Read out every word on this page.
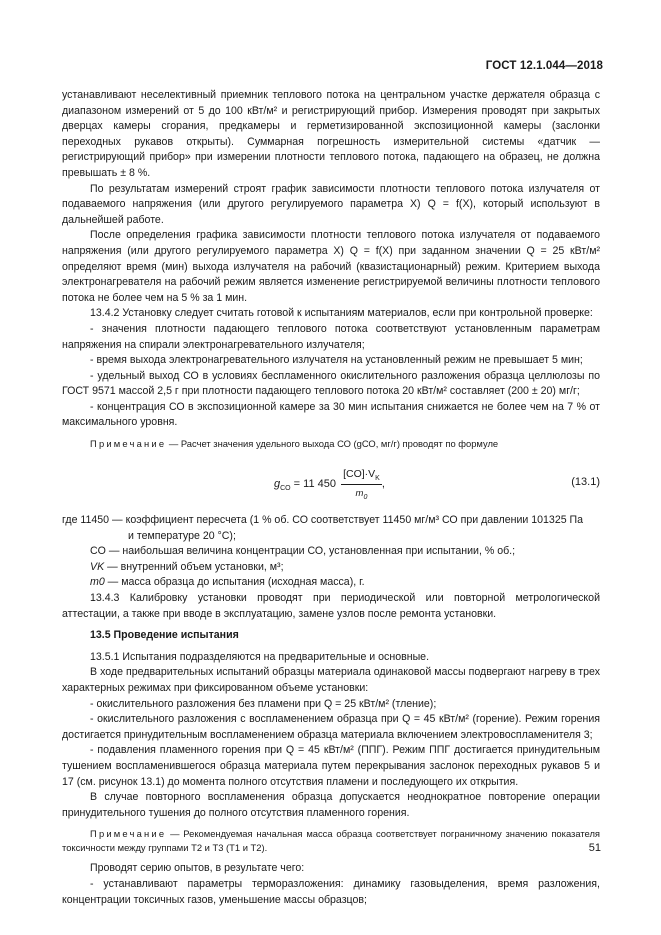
ГОСТ 12.1.044—2018

устанавливают неселективный приемник теплового потока на центральном участке держателя образца с диапазоном измерений от 5 до 100 кВт/м² и регистрирующий прибор. Измерения проводят при закрытых дверцах камеры сгорания, предкамеры и герметизированной экспозиционной камеры (заслонки переходных рукавов открыты). Суммарная погрешность измерительной системы «датчик — регистрирующий прибор» при измерении плотности теплового потока, падающего на образец, не должна превышать ± 8 %.

По результатам измерений строят график зависимости плотности теплового потока излучателя от подаваемого напряжения (или другого регулируемого параметра X) Q = f(X), который используют в дальнейшей работе.

После определения графика зависимости плотности теплового потока излучателя от подаваемого напряжения (или другого регулируемого параметра X) Q = f(X) при заданном значении Q = 25 кВт/м² определяют время (мин) выхода излучателя на рабочий (квазистационарный) режим. Критерием выхода электронагревателя на рабочий режим является изменение регистрируемой величины плотности теплового потока не более чем на 5 % за 1 мин.

13.4.2 Установку следует считать готовой к испытаниям материалов, если при контрольной проверке:

- значения плотности падающего теплового потока соответствуют установленным параметрам напряжения на спирали электронагревательного излучателя;

- время выхода электронагревательного излучателя на установленный режим не превышает 5 мин;

- удельный выход СО в условиях беспламенного окислительного разложения образца целлюлозы по ГОСТ 9571 массой 2,5 г при плотности падающего теплового потока 20 кВт/м² составляет (200 ± 20) мг/г;

- концентрация СО в экспозиционной камере за 30 мин испытания снижается не более чем на 7 % от максимального уровня.

Примечание — Расчет значения удельного выхода СО (gСО, мг/г) проводят по формуле

$g_{CO} = 11$ $450 \frac{[CO]\cdot V_K}{m_0}$ ,	(13.1)

где 11450 — коэффициент пересчета (1 % об. СО соответствует 11450 мг/м³ СО при давлении 101325 Па

и температуре 20 °С);

CO — наибольшая величина концентрации СО, установленная при испытании, % об.;

VK — внутренний объем установки, м³;

m0 — масса образца до испытания (исходная масса), г.

13.4.3 Калибровку установки проводят при периодической или повторной метрологической аттестации, а также при вводе в эксплуатацию, замене узлов после ремонта установки.

13.5 Проведение испытания

13.5.1 Испытания подразделяются на предварительные и основные.

В ходе предварительных испытаний образцы материала одинаковой массы подвергают нагреву в трех характерных режимах при фиксированном объеме установки:

- окислительного разложения без пламени при Q = 25 кВт/м² (тление);

- окислительного разложения с воспламенением образца при Q = 45 кВт/м² (горение). Режим горения достигается принудительным воспламенением образца материала включением электровоспламенителя 3;

- подавления пламенного горения при Q = 45 кВт/м² (ППГ). Режим ППГ достигается принудительным тушением воспламенившегося образца материала путем перекрывания заслонок переходных рукавов 5 и 17 (см. рисунок 13.1) до момента полного отсутствия пламени и последующего их открытия.

В случае повторного воспламенения образца допускается неоднократное повторение операции принудительного тушения до полного отсутствия пламенного горения.

Примечание — Рекомендуемая начальная масса образца соответствует пограничному значению показателя токсичности между группами Т2 и Т3 (Т1 и Т2).

Проводят серию опытов, в результате чего:

- устанавливают параметры терморазложения: динамику газовыделения, время разложения, концентрации токсичных газов, уменьшение массы образцов;

51
